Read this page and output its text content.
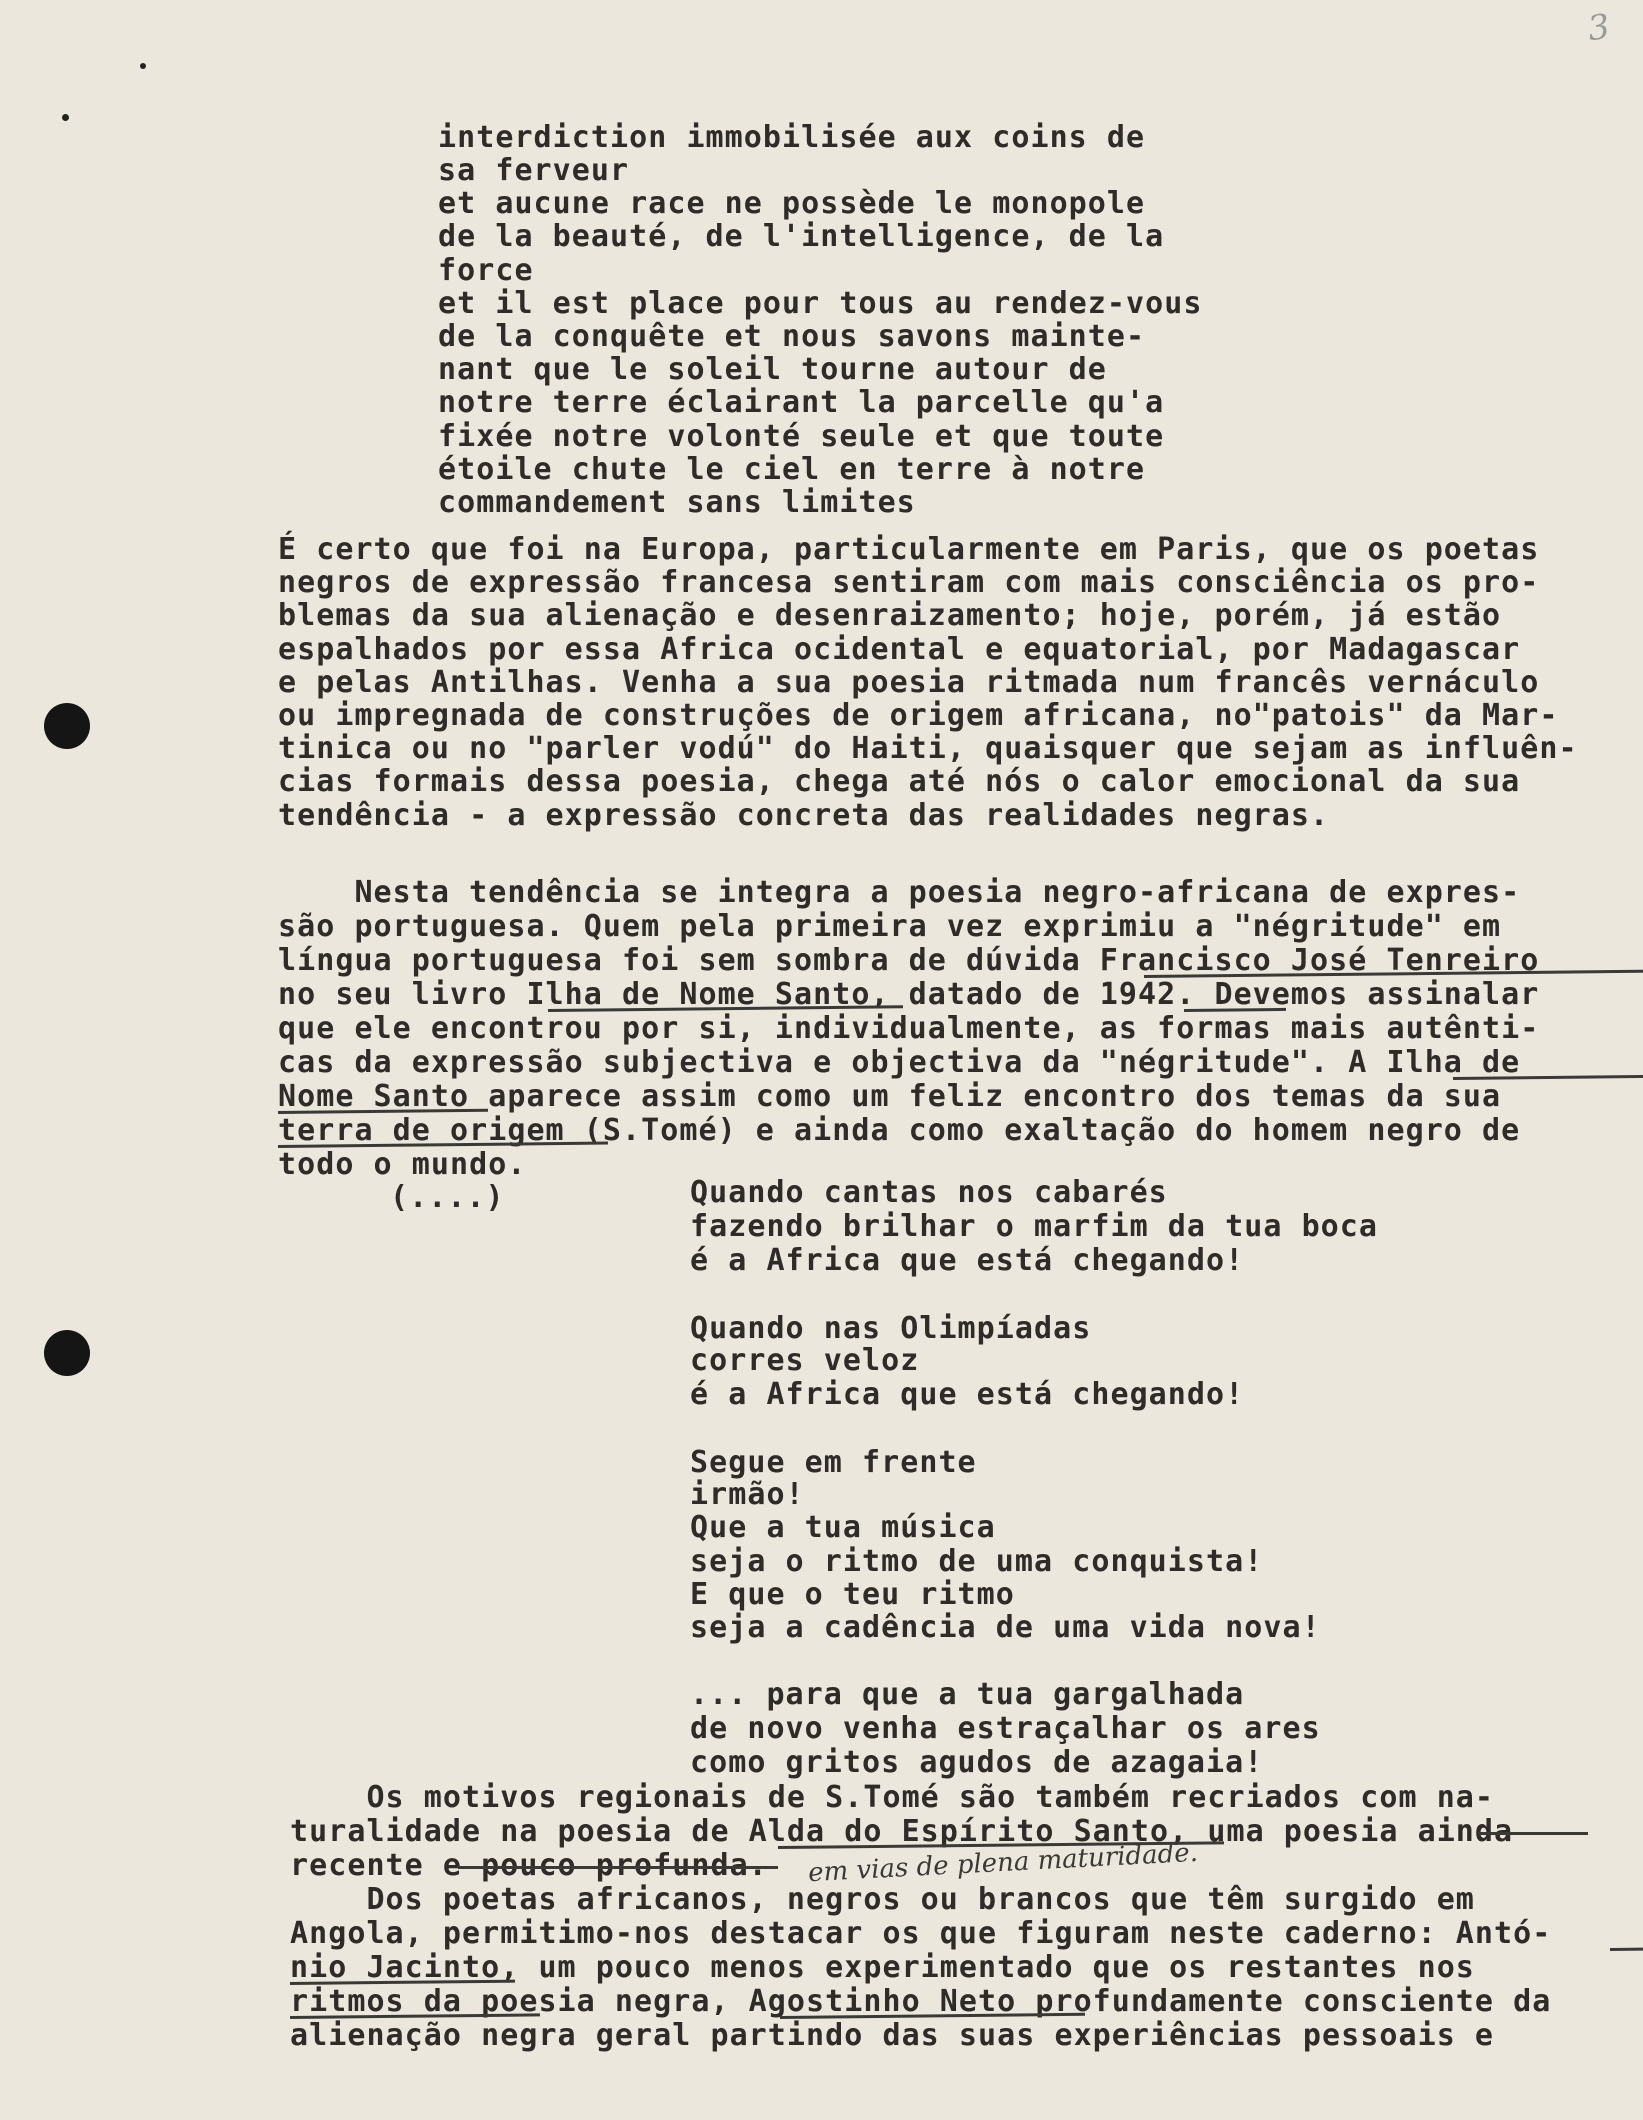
3
interdiction immobilisée aux coins de
sa ferveur
et aucune race ne possède le monopole
de la beauté, de l'intelligence, de la
force
et il est place pour tous au rendez-vous
de la conquête et nous savons mainte-
nant que le soleil tourne autour de
notre terre éclairant la parcelle qu'a
fixée notre volonté seule et que toute
étoile chute le ciel en terre à notre
commandement sans limites
É certo que foi na Europa, particularmente em Paris, que os poetas
negros de expressão francesa sentiram com mais consciência os pro-
blemas da sua alienação e desenraizamento; hoje, porém, já estão
espalhados por essa Africa ocidental e equatorial, por Madagascar
e pelas Antilhas. Venha a sua poesia ritmada num francês vernáculo
ou impregnada de construções de origem africana, no"patois" da Mar-
tinica ou no "parler vodú" do Haiti, quaisquer que sejam as influên-
cias formais dessa poesia, chega até nós o calor emocional da sua
tendência - a expressão concreta das realidades negras.
Nesta tendência se integra a poesia negro-africana de expres-
são portuguesa. Quem pela primeira vez exprimiu a "négritude" em
língua portuguesa foi sem sombra de dúvida Francisco José Tenreiro
no seu livro Ilha de Nome Santo, datado de 1942. Devemos assinalar
que ele encontrou por si, individualmente, as formas mais autênti-
cas da expressão subjectiva e objectiva da "négritude". A Ilha de
Nome Santo aparece assim como um feliz encontro dos temas da sua
terra de origem (S.Tomé) e ainda como exaltação do homem negro de
todo o mundo.
(....)	Quando cantas nos cabarés
fazendo brilhar o marfim da tua boca
é a Africa que está chegando!
Quando nas Olimpíadas
corres veloz
é a Africa que está chegando!
Segue em frente
irmão!
Que a tua música
seja o ritmo de uma conquista!
E que o teu ritmo
seja a cadência de uma vida nova!
... para que a tua gargalhada
de novo venha estraçalhar os ares
como gritos agudos de azagaia!
Os motivos regionais de S.Tomé são também recriados com na-
turalidade na poesia de Alda do Espírito Santo, uma poesia ainda
recente e pouco profunda.
Dos poetas africanos, negros ou brancos que têm surgido em
Angola, permitimo-nos destacar os que figuram neste caderno: Antó-
nio Jacinto, um pouco menos experimentado que os restantes nos
ritmos da poesia negra, Agostinho Neto profundamente consciente da
alienação negra geral partindo das suas experiências pessoais e
em vias de plena maturidade.
